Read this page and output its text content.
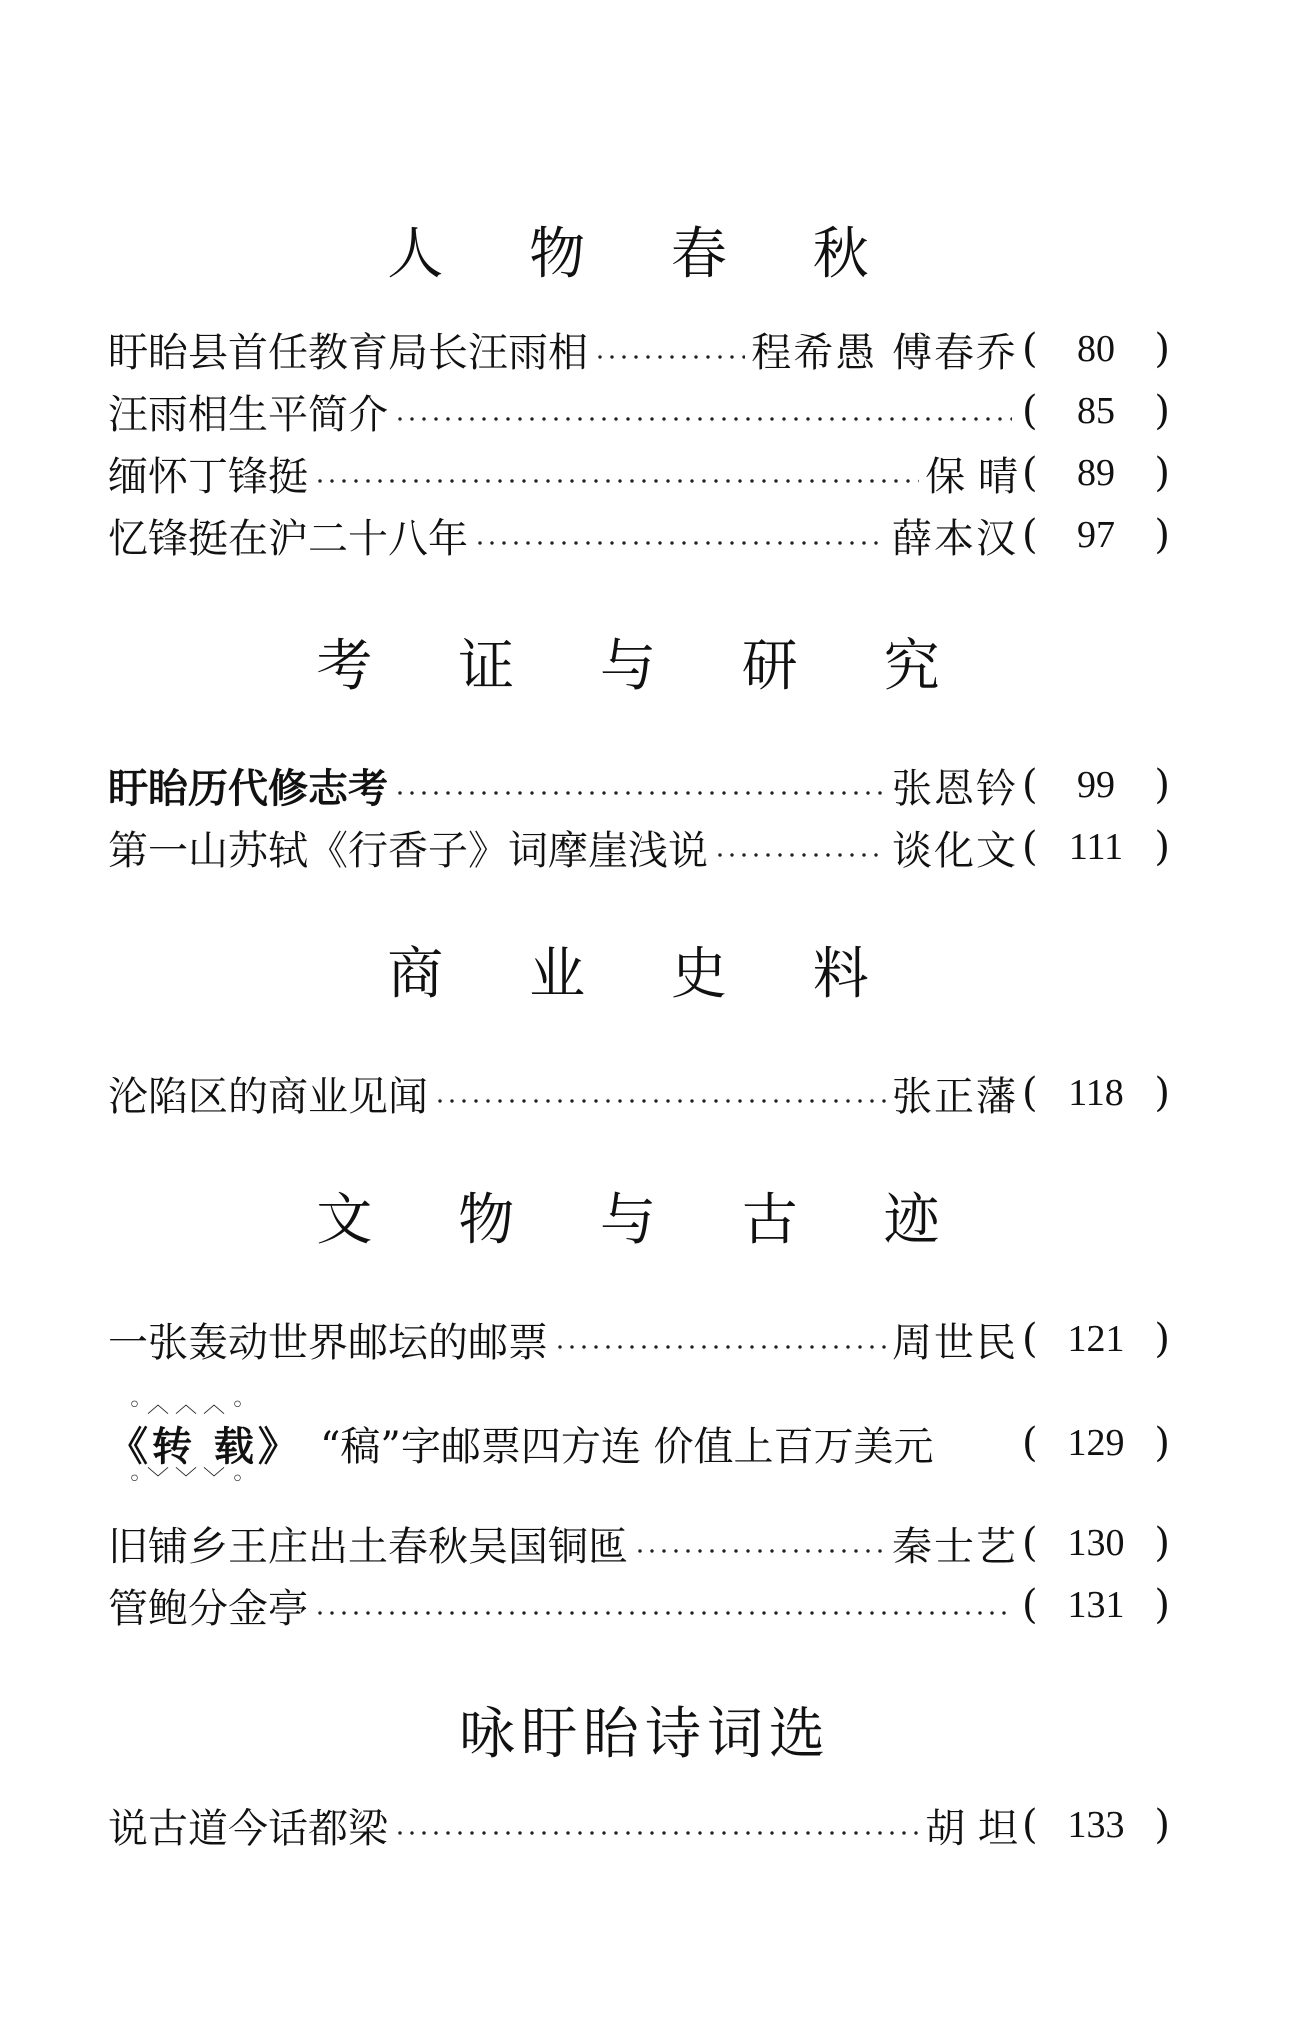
人 物 春 秋
盱眙县首任教育局长汪雨相	程希愚 傅春乔 ( 80 )
汪雨相生平简介	( 85 )
缅怀丁锋挺	保 晴 ( 89 )
忆锋挺在沪二十八年	薛本汉 ( 97 )
考 证 与 研 究
盱眙历代修志考	张恩钤 ( 99 )
第一山苏轼《行香子》词摩崖浅说	谈化文 ( 111 )
商 业 史 料
沦陷区的商业见闻	张正藩 ( 118 )
文 物 与 古 迹
一张轰动世界邮坛的邮票	周世民 ( 121 )
◦︿︿︿◦
《转 载》 “稿”字邮票四方连 价值上百万美元	( 129 )
◦﹀﹀﹀◦
旧铺乡王庄出土春秋吴国铜匜	秦士艺 ( 130 )
管鲍分金亭	( 131 )
咏盱眙诗词选
说古道今话都梁	胡 坦 ( 133 )
